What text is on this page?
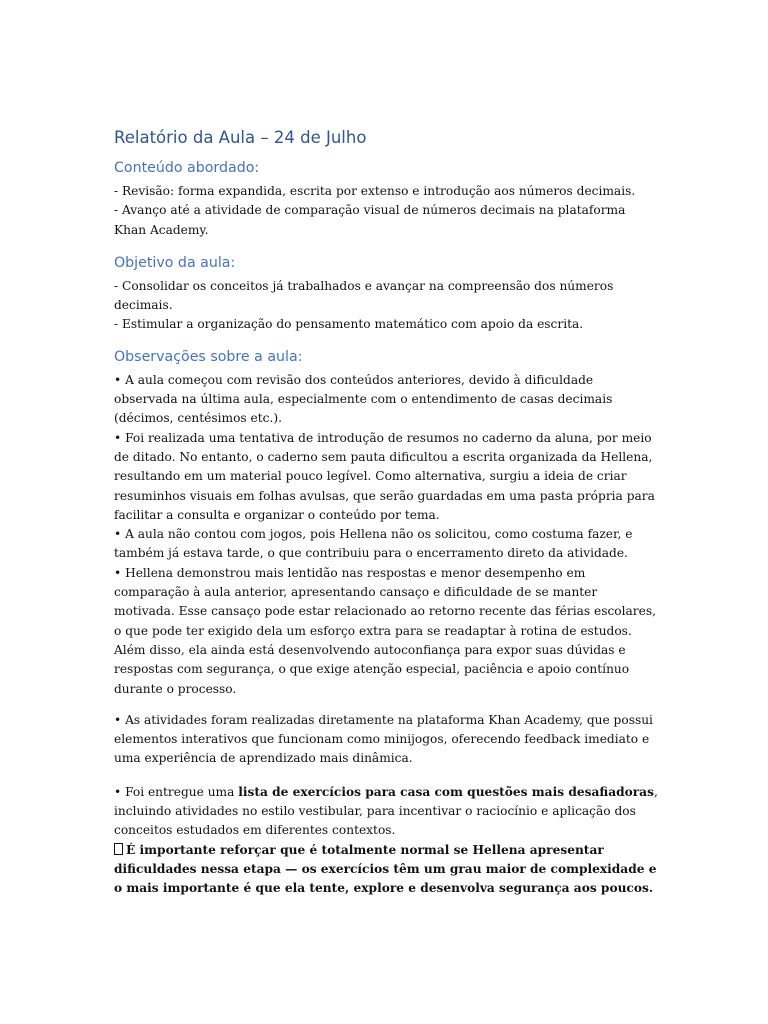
Relatório da Aula – 24 de Julho
Conteúdo abordado:

- Revisão: forma expandida, escrita por extenso e introdução aos números decimais.

- Avanço até a atividade de comparação visual de números decimais na plataforma Khan Academy.

Objetivo da aula:

- Consolidar os conceitos já trabalhados e avançar na compreensão dos números decimais.

- Estimular a organização do pensamento matemático com apoio da escrita.

Observações sobre a aula:

• A aula começou com revisão dos conteúdos anteriores, devido à dificuldade observada na última aula, especialmente com o entendimento de casas decimais (décimos, centésimos etc.).

• Foi realizada uma tentativa de introdução de resumos no caderno da aluna, por meio de ditado. No entanto, o caderno sem pauta dificultou a escrita organizada da Hellena, resultando em um material pouco legível. Como alternativa, surgiu a ideia de criar resuminhos visuais em folhas avulsas, que serão guardadas em uma pasta própria para facilitar a consulta e organizar o conteúdo por tema.

• A aula não contou com jogos, pois Hellena não os solicitou, como costuma fazer, e também já estava tarde, o que contribuiu para o encerramento direto da atividade.

• Hellena demonstrou mais lentidão nas respostas e menor desempenho em comparação à aula anterior, apresentando cansaço e dificuldade de se manter motivada. Esse cansaço pode estar relacionado ao retorno recente das férias escolares, o que pode ter exigido dela um esforço extra para se readaptar à rotina de estudos. Além disso, ela ainda está desenvolvendo autoconfiança para expor suas dúvidas e respostas com segurança, o que exige atenção especial, paciência e apoio contínuo durante o processo.

• As atividades foram realizadas diretamente na plataforma Khan Academy, que possui elementos interativos que funcionam como minijogos, oferecendo feedback imediato e uma experiência de aprendizado mais dinâmica.

• Foi entregue uma lista de exercícios para casa com questões mais desafiadoras, incluindo atividades no estilo vestibular, para incentivar o raciocínio e aplicação dos conceitos estudados em diferentes contextos.

É importante reforçar que é totalmente normal se Hellena apresentar dificuldades nessa etapa — os exercícios têm um grau maior de complexidade e o mais importante é que ela tente, explore e desenvolva segurança aos poucos.
